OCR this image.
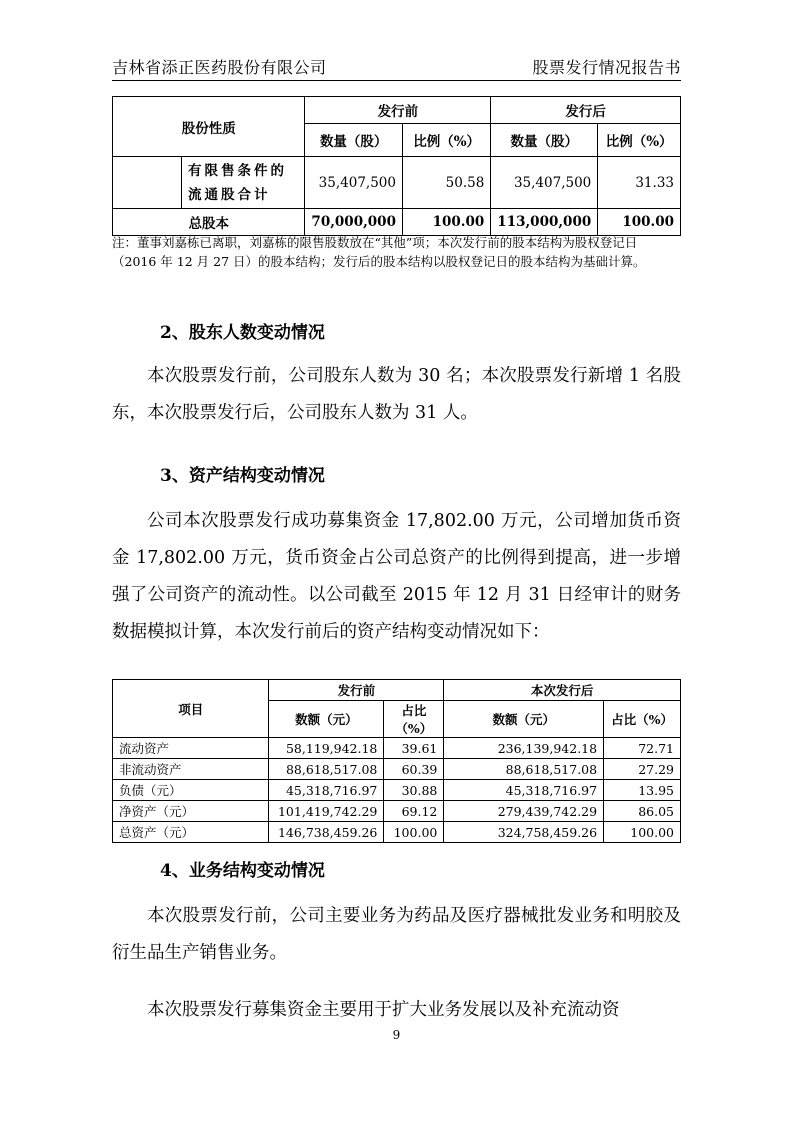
吉林省添正医药股份有限公司	股票发行情况报告书
股份性质		发行前		发行后	
		数量（股）	比例（%）	数量（股）	比例（%）
	有限售条件的流通股合计	35,407,500	50.58	35,407,500	31.33
总股本		70,000,000	100.00	113,000,000	100.00
注：董事刘嘉栋已离职，刘嘉栋的限售股数放在“其他”项；本次发行前的股本结构为股权登记日（2016 年 12 月 27 日）的股本结构；发行后的股本结构以股权登记日的股本结构为基础计算。
2、股东人数变动情况
本次股票发行前，公司股东人数为 30 名；本次股票发行新增 1 名股东，本次股票发行后，公司股东人数为 31 人。
3、资产结构变动情况
公司本次股票发行成功募集资金 17,802.00 万元，公司增加货币资金 17,802.00 万元，货币资金占公司总资产的比例得到提高，进一步增强了公司资产的流动性。以公司截至 2015 年 12 月 31 日经审计的财务数据模拟计算，本次发行前后的资产结构变动情况如下：
项目	发行前		本次发行后	
	数额（元）	占比（%）	数额（元）	占比（%）
流动资产	58,119,942.18	39.61	236,139,942.18	72.71
非流动资产	88,618,517.08	60.39	88,618,517.08	27.29
负债（元）	45,318,716.97	30.88	45,318,716.97	13.95
净资产（元）	101,419,742.29	69.12	279,439,742.29	86.05
总资产（元）	146,738,459.26	100.00	324,758,459.26	100.00
4、业务结构变动情况
本次股票发行前，公司主要业务为药品及医疗器械批发业务和明胶及衍生品生产销售业务。
本次股票发行募集资金主要用于扩大业务发展以及补充流动资
9
